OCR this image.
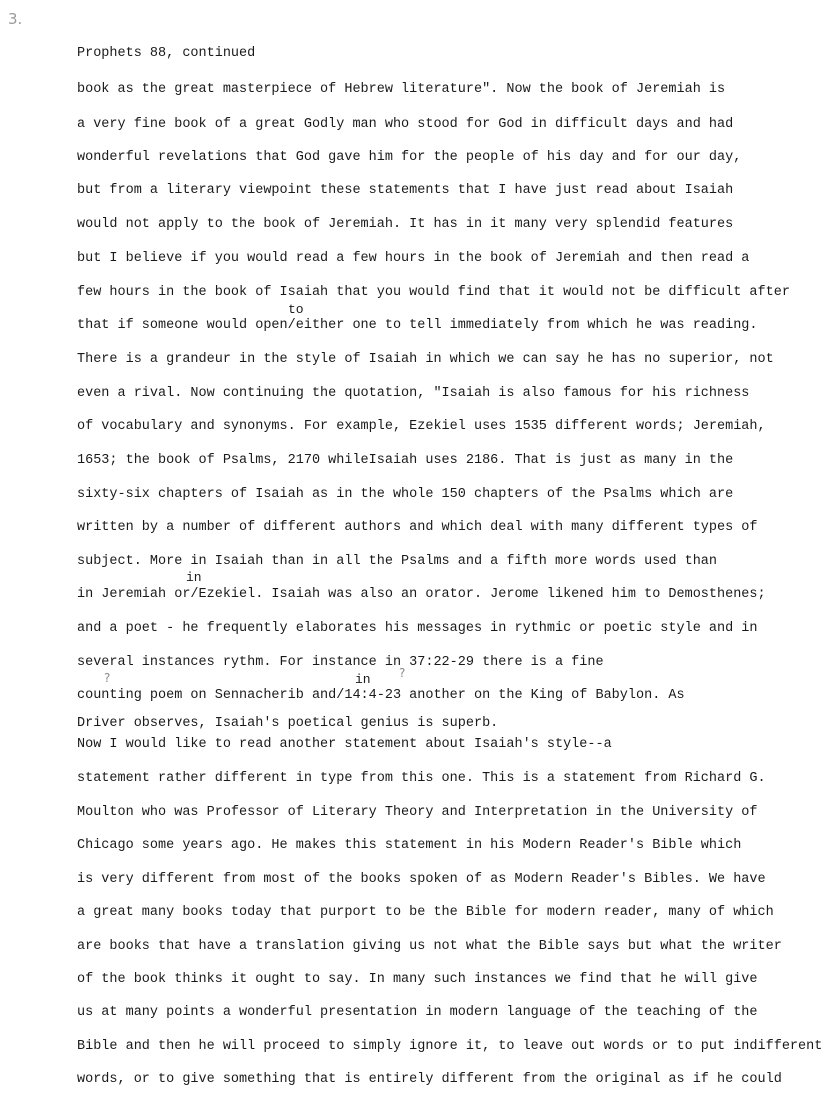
3.
Prophets 88, continued
book as the great masterpiece of Hebrew literature". Now the book of Jeremiah is
a very fine book of a great Godly man who stood for God in difficult days and had
wonderful revelations that God gave him for the people of his day and for our day,
but from a literary viewpoint these statements that I have just read about Isaiah
would not apply to the book of Jeremiah. It has in it many very splendid features
but I believe if you would read a few hours in the book of Jeremiah and then read a
few hours in the book of Isaiah that you would find that it would not be difficult after
to
that if someone would open/either one to tell immediately from which he was reading.
There is a grandeur in the style of Isaiah in which we can say he has no superior, not
even a rival. Now continuing the quotation, "Isaiah is also famous for his richness
of vocabulary and synonyms. For example, Ezekiel uses 1535 different words; Jeremiah,
1653; the book of Psalms, 2170 whileIsaiah uses 2186. That is just as many in the
sixty-six chapters of Isaiah as in the whole 150 chapters of the Psalms which are
written by a number of different authors and which deal with many different types of
subject. More in Isaiah than in all the Psalms and a fifth more words used than
in
in Jeremiah or/Ezekiel. Isaiah was also an orator. Jerome likened him to Demosthenes;
and a poet - he frequently elaborates his messages in rythmic or poetic style and in
several instances rythm. For instance in 37:22-29 there is a fine
?	in ?
counting poem on Sennacherib and/14:4-23 another on the King of Babylon. As
Driver observes, Isaiah's poetical genius is superb.
Now I would like to read another statement about Isaiah's style--a
statement rather different in type from this one. This is a statement from Richard G.
Moulton who was Professor of Literary Theory and Interpretation in the University of
Chicago some years ago. He makes this statement in his Modern Reader's Bible which
is very different from most of the books spoken of as Modern Reader's Bibles. We have
a great many books today that purport to be the Bible for modern reader, many of which
are books that have a translation giving us not what the Bible says but what the writer
of the book thinks it ought to say. In many such instances we find that he will give
us at many points a wonderful presentation in modern language of the teaching of the
Bible and then he will proceed to simply ignore it, to leave out words or to put indifferent
words, or to give something that is entirely different from the original as if he could
